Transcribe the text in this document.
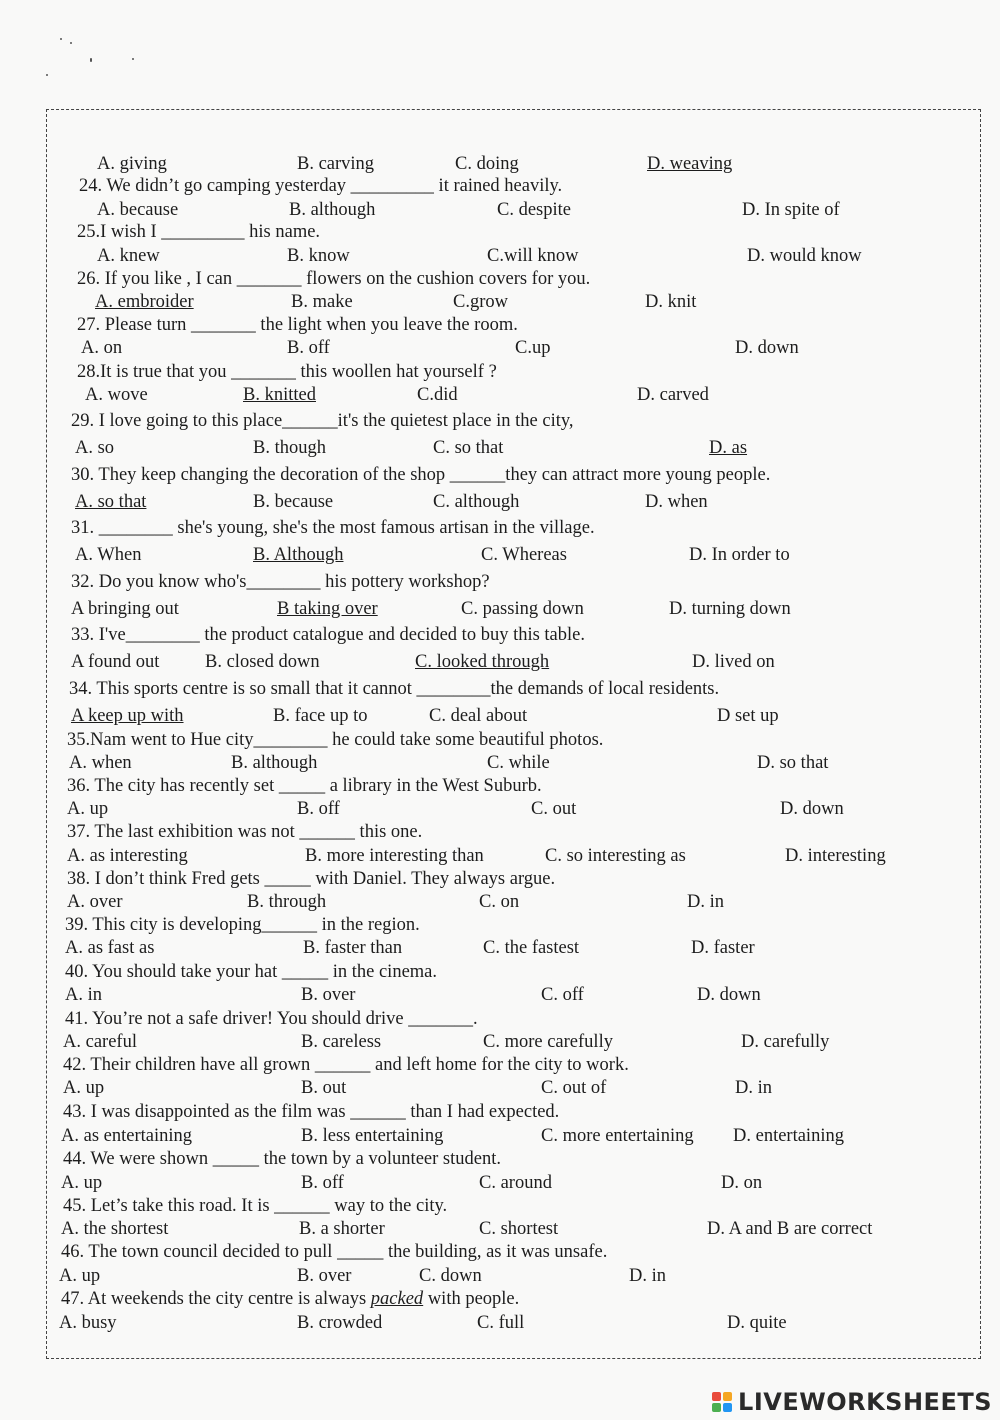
A. giving	B. carving	C. doing	D. weaving
24. We didn’t go camping yesterday _________ it rained heavily.
A. because	B. although	C. despite	D. In spite of
25.I wish I _________ his name.
A. knew	B. know	C.will know	D. would know
26. If you like , I can _______ flowers on the cushion covers for you.
A. embroider	B. make	C.grow	D. knit
27. Please turn _______ the light when you leave the room.
A. on	B. off	C.up	D. down
28.It is true that you _______ this woollen hat yourself ?
A. wove	B. knitted	C.did	D. carved
29. I love going to this place______it's the quietest place in the city,
A. so	B. though	C. so that	D. as
30. They keep changing the decoration of the shop ______they can attract more young people.
A. so that	B. because	C. although	D. when
31. ________ she's young, she's the most famous artisan in the village.
A. When	B. Although	C. Whereas	D. In order to
32. Do you know who's________ his pottery workshop?
A bringing out	B taking over	C. passing down	D. turning down
33. I've________ the product catalogue and decided to buy this table.
A found out B. closed down	C. looked through	D. lived on
34. This sports centre is so small that it cannot ________the demands of local residents.
A keep up with	B. face up to	C. deal about	D set up
35.Nam went to Hue city________ he could take some beautiful photos.
A. when	B. although	C. while	D. so that
36. The city has recently set _____ a library in the West Suburb.
A. up	B. off	C. out	D. down
37. The last exhibition was not ______ this one.
A. as interesting	B. more interesting than	C. so interesting as	D. interesting
38. I don’t think Fred gets _____ with Daniel. They always argue.
A. over	B. through	C. on	D. in
39. This city is developing______ in the region.
A. as fast as	B. faster than	C. the fastest	D. faster
40. You should take your hat _____ in the cinema.
A. in	B. over	C. off	D. down
41. You’re not a safe driver! You should drive _______.
A. careful	B. careless	C. more carefully	D. carefully
42. Their children have all grown ______ and left home for the city to work.
A. up	B. out	C. out of	D. in
43. I was disappointed as the film was ______ than I had expected.
A. as entertaining	B. less entertaining	C. more entertaining D. entertaining
44. We were shown _____ the town by a volunteer student.
A. up	B. off	C. around	D. on
45. Let’s take this road. It is ______ way to the city.
A. the shortest	B. a shorter	C. shortest	D. A and B are correct
46. The town council decided to pull _____ the building, as it was unsafe.
A. up	B. over	C. down	D. in
47. At weekends the city centre is always packed with people.
A. busy	B. crowded	C. full	D. quite
LIVEWORKSHEETS
